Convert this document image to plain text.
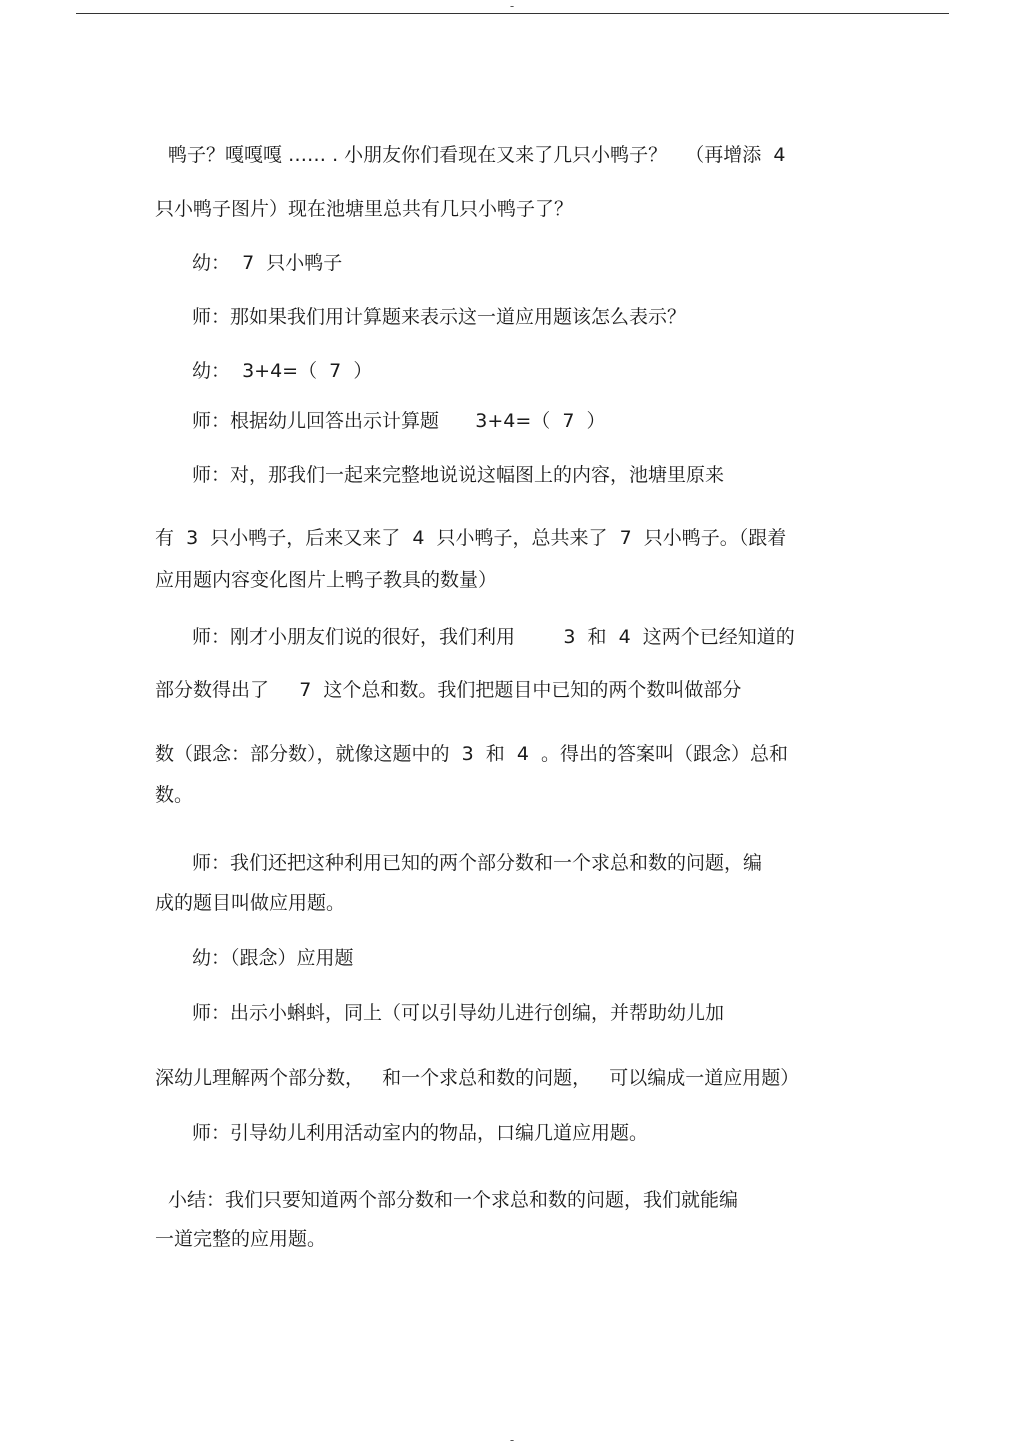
-

鸭子？嘎嘎嘎 …… . 小朋友你们看现在又来了几只小鸭子？   （再增添  4

只小鸭子图片）现在池塘里总共有几只小鸭子了？

幼：  7  只小鸭子

师：那如果我们用计算题来表示这一道应用题该怎么表示？

幼：  3+4=（  7  ）

师：根据幼儿回答出示计算题      3+4=（  7  ）

师：对，那我们一起来完整地说说这幅图上的内容，池塘里原来

有  3  只小鸭子，后来又来了  4  只小鸭子，总共来了  7  只小鸭子。（跟着

应用题内容变化图片上鸭子教具的数量）

师：刚才小朋友们说的很好，我们利用        3  和  4  这两个已经知道的

部分数得出了     7  这个总和数。我们把题目中已知的两个数叫做部分

数（跟念：部分数），就像这题中的  3  和  4  。得出的答案叫（跟念）总和

数。

师：我们还把这种利用已知的两个部分数和一个求总和数的问题，编

成的题目叫做应用题。

幼：（跟念）应用题

师：出示小蝌蚪，同上（可以引导幼儿进行创编，并帮助幼儿加

深幼儿理解两个部分数，   和一个求总和数的问题，   可以编成一道应用题）

师：引导幼儿利用活动室内的物品，口编几道应用题。

小结：我们只要知道两个部分数和一个求总和数的问题，我们就能编

一道完整的应用题。

-
